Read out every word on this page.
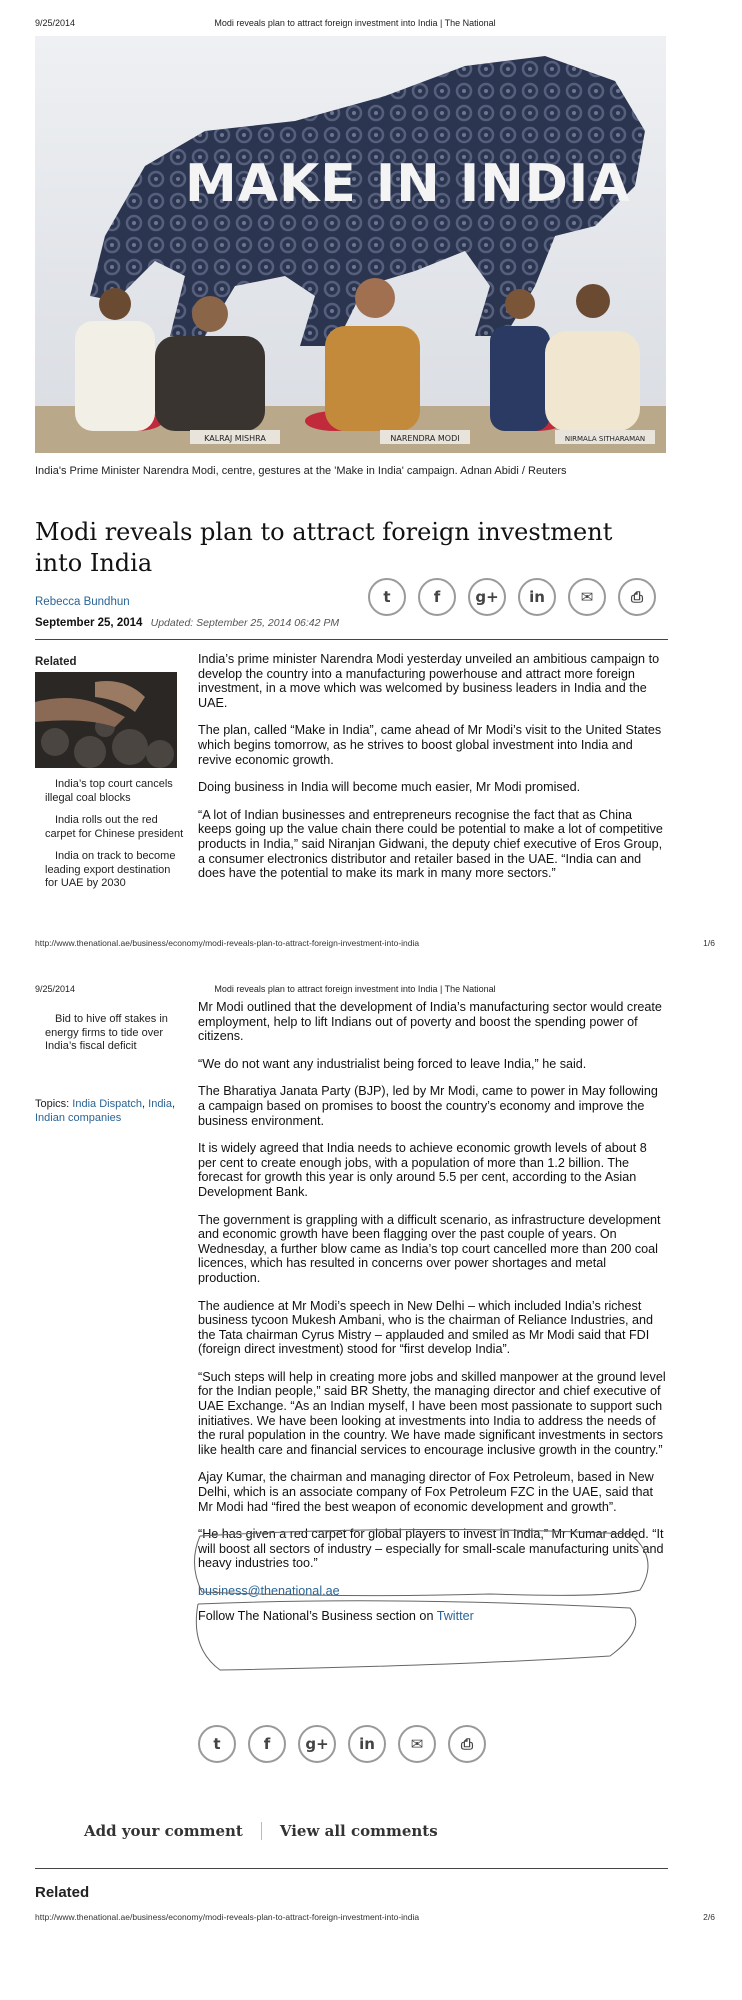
9/25/2014	Modi reveals plan to attract foreign investment into India | The National
MAKE IN INDIA
KALRAJ MISHRA	NARENDRA MODI	NIRMALA SITHARAMAN
India's Prime Minister Narendra Modi, centre, gestures at the 'Make in India' campaign. Adnan Abidi / Reuters
Modi reveals plan to attract foreign investment into India
Rebecca Bundhun
September 25, 2014 Updated: September 25, 2014 06:42 PM
t	f	g+	in	✉	⎙
Related
India’s top court cancels illegal coal blocks
India rolls out the red carpet for Chinese president
India on track to become leading export destination for UAE by 2030

India’s prime minister Narendra Modi yesterday unveiled an ambitious campaign to develop the country into a manufacturing powerhouse and attract more foreign investment, in a move which was welcomed by business leaders in India and the UAE.

The plan, called “Make in India”, came ahead of Mr Modi’s visit to the United States which begins tomorrow, as he strives to boost global investment into India and revive economic growth.

Doing business in India will become much easier, Mr Modi promised.

“A lot of Indian businesses and entrepreneurs recognise the fact that as China keeps going up the value chain there could be potential to make a lot of competitive products in India,” said Niranjan Gidwani, the deputy chief executive of Eros Group, a consumer electronics distributor and retailer based in the UAE. “India can and does have the potential to make its mark in many more sectors.”

http://www.thenational.ae/business/economy/modi-reveals-plan-to-attract-foreign-investment-into-india	1/6
9/25/2014	Modi reveals plan to attract foreign investment into India | The National
Bid to hive off stakes in energy firms to tide over India’s fiscal deficit
Topics: India Dispatch, India, Indian companies

Mr Modi outlined that the development of India’s manufacturing sector would create employment, help to lift Indians out of poverty and boost the spending power of citizens.

“We do not want any industrialist being forced to leave India,” he said.

The Bharatiya Janata Party (BJP), led by Mr Modi, came to power in May following a campaign based on promises to boost the country’s economy and improve the business environment.

It is widely agreed that India needs to achieve economic growth levels of about 8 per cent to create enough jobs, with a population of more than 1.2 billion. The forecast for growth this year is only around 5.5 per cent, according to the Asian Development Bank.

The government is grappling with a difficult scenario, as infrastructure development and economic growth have been flagging over the past couple of years. On Wednesday, a further blow came as India’s top court cancelled more than 200 coal licences, which has resulted in concerns over power shortages and metal production.

The audience at Mr Modi’s speech in New Delhi – which included India’s richest business tycoon Mukesh Ambani, who is the chairman of Reliance Industries, and the Tata chairman Cyrus Mistry – applauded and smiled as Mr Modi said that FDI (foreign direct investment) stood for “first develop India”.

“Such steps will help in creating more jobs and skilled manpower at the ground level for the Indian people,” said BR Shetty, the managing director and chief executive of UAE Exchange. “As an Indian myself, I have been most passionate to support such initiatives. We have been looking at investments into India to address the needs of the rural population in the country. We have made significant investments in sectors like health care and financial services to encourage inclusive growth in the country.”

Ajay Kumar, the chairman and managing director of Fox Petroleum, based in New Delhi, which is an associate company of Fox Petroleum FZC in the UAE, said that Mr Modi had “fired the best weapon of economic development and growth”.

“He has given a red carpet for global players to invest in India,” Mr Kumar added. “It will boost all sectors of industry – especially for small-scale manufacturing units and heavy industries too.”

business@thenational.ae

Follow The National’s Business section on Twitter

t	f	g+	in	✉	⎙
Add your comment View all comments
Related
http://www.thenational.ae/business/economy/modi-reveals-plan-to-attract-foreign-investment-into-india	2/6
